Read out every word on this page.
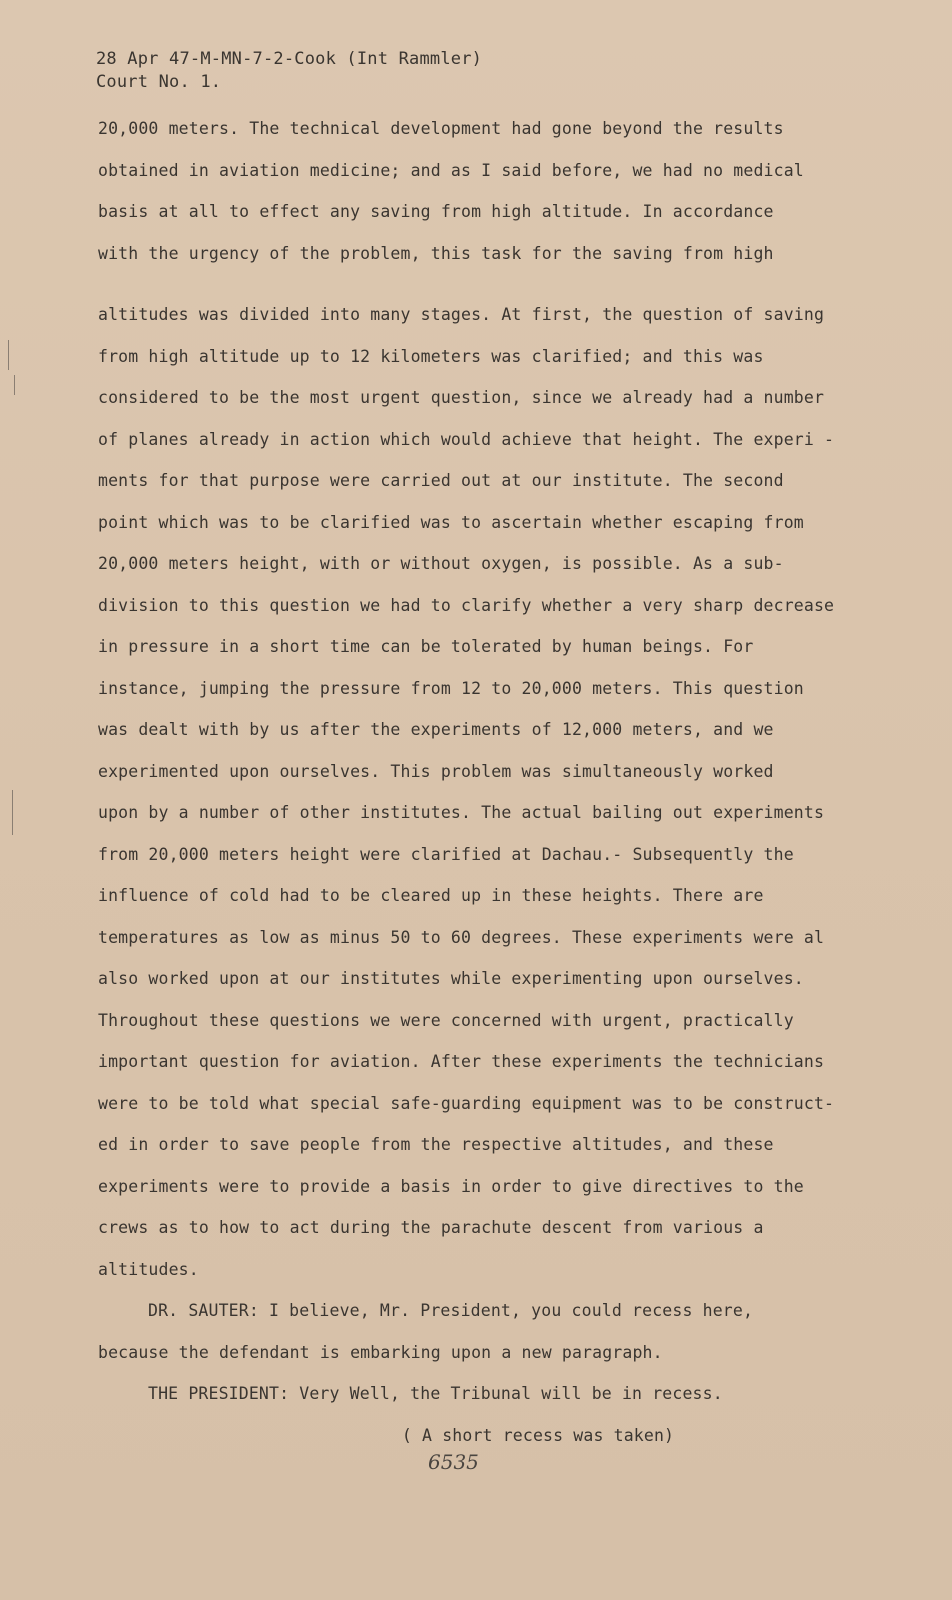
28 Apr 47-M-MN-7-2-Cook (Int Rammler)
Court No. 1.
20,000 meters. The technical development had gone beyond the results
obtained in aviation medicine; and as I said before, we had no medical
basis at all to effect any saving from high altitude. In accordance
with the urgency of the problem, this task for the saving from high
altitudes was divided into many stages. At first, the question of saving
from high altitude up to 12 kilometers was clarified; and this was
considered to be the most urgent question, since we already had a number
of planes already in action which would achieve that height. The experi -
ments for that purpose were carried out at our institute. The second
point which was to be clarified was to ascertain whether escaping from
20,000 meters height, with or without oxygen, is possible. As a sub-
division to this question we had to clarify whether a very sharp decrease
in pressure in a short time can be tolerated by human beings. For
instance, jumping the pressure from 12 to 20,000 meters. This question
was dealt with by us after the experiments of 12,000 meters, and we
experimented upon ourselves. This problem was simultaneously worked
upon by a number of other institutes. The actual bailing out experiments
from 20,000 meters height were clarified at Dachau.- Subsequently the
influence of cold had to be cleared up in these heights. There are
temperatures as low as minus 50 to 60 degrees. These experiments were al
also worked upon at our institutes while experimenting upon ourselves.
Throughout these questions we were concerned with urgent, practically
important question for aviation. After these experiments the technicians
were to be told what special safe-guarding equipment was to be construct-
ed in order to save people from the respective altitudes, and these
experiments were to provide a basis in order to give directives to the
crews as to how to act during the parachute descent from various a
altitudes.
DR. SAUTER: I believe, Mr. President, you could recess here,
because the defendant is embarking upon a new paragraph.
THE PRESIDENT: Very Well, the Tribunal will be in recess.
( A short recess was taken)
6535
